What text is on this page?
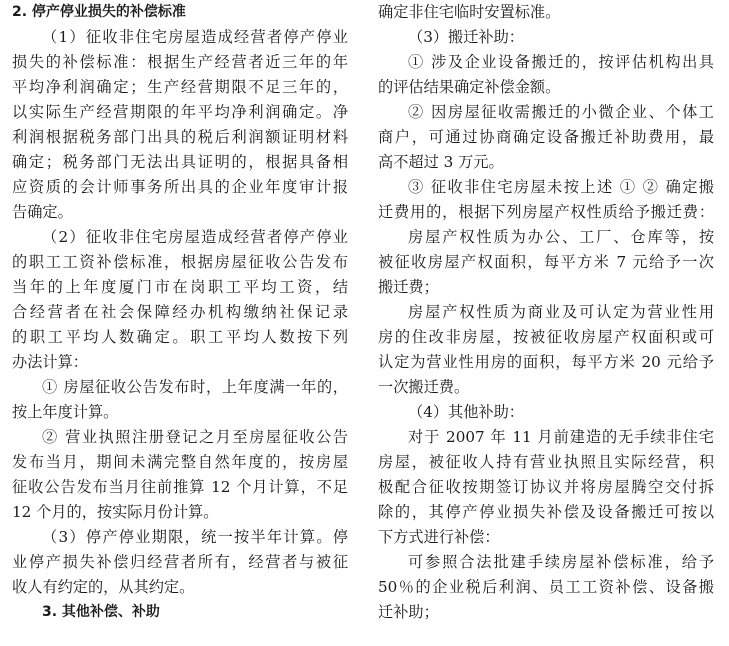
2. 停产停业损失的补偿标准
（1）征收非住宅房屋造成经营者停产停业
损失的补偿标准：根据生产经营者近三年的年
平均净利润确定；生产经营期限不足三年的，
以实际生产经营期限的年平均净利润确定。净
利润根据税务部门出具的税后利润额证明材料
确定；税务部门无法出具证明的，根据具备相
应资质的会计师事务所出具的企业年度审计报
告确定。
（2）征收非住宅房屋造成经营者停产停业
的职工工资补偿标准，根据房屋征收公告发布
当年的上年度厦门市在岗职工平均工资，结
合经营者在社会保障经办机构缴纳社保记录
的职工平均人数确定。职工平均人数按下列
办法计算：
① 房屋征收公告发布时，上年度满一年的，
按上年度计算。
② 营业执照注册登记之月至房屋征收公告
发布当月，期间未满完整自然年度的，按房屋
征收公告发布当月往前推算 12 个月计算，不足
12 个月的，按实际月份计算。
（3）停产停业期限，统一按半年计算。停
业停产损失补偿归经营者所有，经营者与被征
收人有约定的，从其约定。
3. 其他补偿、补助
确定非住宅临时安置标准。
（3）搬迁补助：
① 涉及企业设备搬迁的，按评估机构出具
的评估结果确定补偿金额。
② 因房屋征收需搬迁的小微企业、个体工
商户，可通过协商确定设备搬迁补助费用，最
高不超过 3 万元。
③ 征收非住宅房屋未按上述 ① ② 确定搬
迁费用的，根据下列房屋产权性质给予搬迁费：
房屋产权性质为办公、工厂、仓库等，按
被征收房屋产权面积，每平方米 7 元给予一次
搬迁费；
房屋产权性质为商业及可认定为营业性用
房的住改非房屋，按被征收房屋产权面积或可
认定为营业性用房的面积，每平方米 20 元给予
一次搬迁费。
（4）其他补助：
对于 2007 年 11 月前建造的无手续非住宅
房屋，被征收人持有营业执照且实际经营，积
极配合征收按期签订协议并将房屋腾空交付拆
除的，其停产停业损失补偿及设备搬迁可按以
下方式进行补偿：
可参照合法批建手续房屋补偿标准，给予
50％的企业税后利润、员工工资补偿、设备搬
迁补助；
